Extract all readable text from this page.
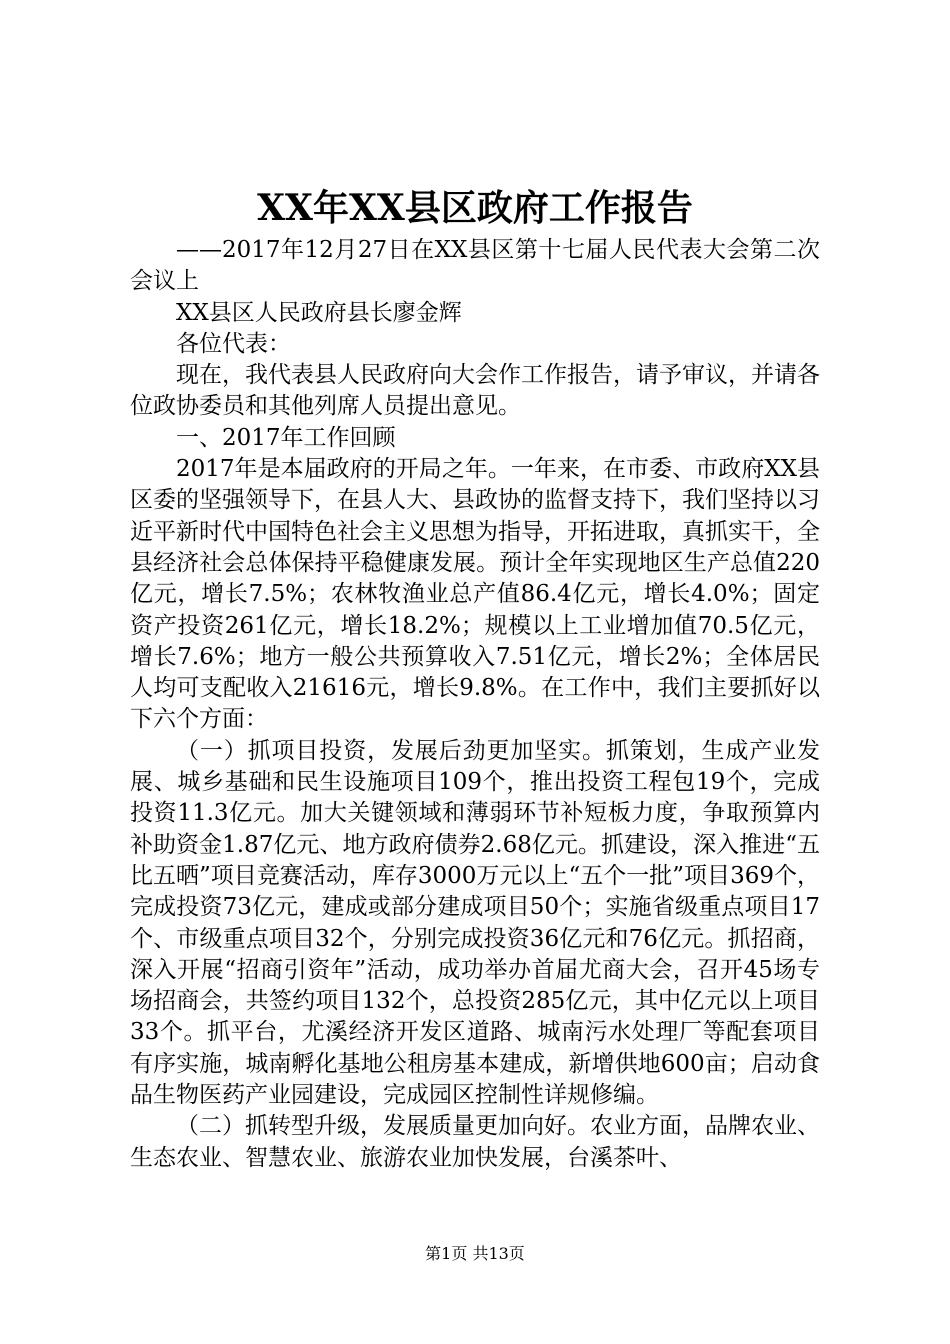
XX年XX县区政府工作报告

——2017年12月27日在XX县区第十七届人民代表大会第二次会议上

XX县区人民政府县长廖金辉

各位代表：

现在，我代表县人民政府向大会作工作报告，请予审议，并请各位政协委员和其他列席人员提出意见。

一、2017年工作回顾

2017年是本届政府的开局之年。一年来，在市委、市政府XX县区委的坚强领导下，在县人大、县政协的监督支持下，我们坚持以习近平新时代中国特色社会主义思想为指导，开拓进取，真抓实干，全县经济社会总体保持平稳健康发展。预计全年实现地区生产总值220亿元，增长7.5%；农林牧渔业总产值86.4亿元，增长4.0%；固定资产投资261亿元，增长18.2%；规模以上工业增加值70.5亿元，增长7.6%；地方一般公共预算收入7.51亿元，增长2%；全体居民人均可支配收入21616元，增长9.8%。在工作中，我们主要抓好以下六个方面：

（一）抓项目投资，发展后劲更加坚实。抓策划，生成产业发展、城乡基础和民生设施项目109个，推出投资工程包19个，完成投资11.3亿元。加大关键领域和薄弱环节补短板力度，争取预算内补助资金1.87亿元、地方政府债券2.68亿元。抓建设，深入推进“五比五晒”项目竞赛活动，库存3000万元以上“五个一批”项目369个，完成投资73亿元，建成或部分建成项目50个；实施省级重点项目17个、市级重点项目32个，分别完成投资36亿元和76亿元。抓招商，深入开展“招商引资年”活动，成功举办首届尤商大会，召开45场专场招商会，共签约项目132个，总投资285亿元，其中亿元以上项目33个。抓平台，尤溪经济开发区道路、城南污水处理厂等配套项目有序实施，城南孵化基地公租房基本建成，新增供地600亩；启动食品生物医药产业园建设，完成园区控制性详规修编。

（二）抓转型升级，发展质量更加向好。农业方面，品牌农业、生态农业、智慧农业、旅游农业加快发展，台溪茶叶、

第1页 共13页
